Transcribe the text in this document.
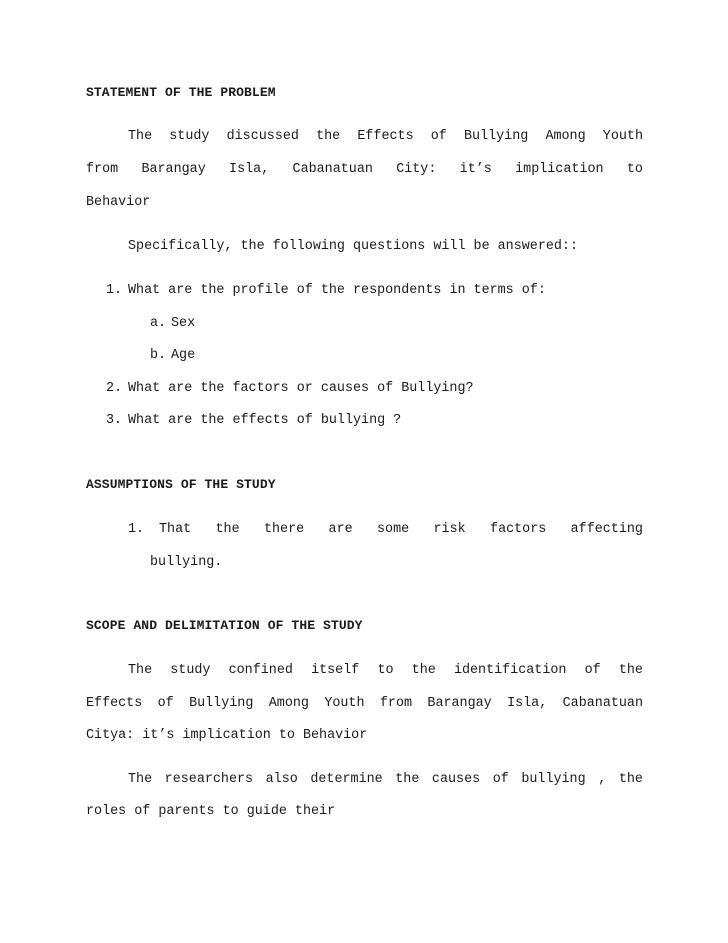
STATEMENT OF THE PROBLEM
The study discussed the Effects of Bullying Among Youth
from Barangay Isla, Cabanatuan City: it’s implication to
Behavior
Specifically, the following questions will be answered::
1. What are the profile of the respondents in terms of:
a. Sex
b. Age
2. What are the factors or causes of Bullying?
3. What are the effects of bullying ?
ASSUMPTIONS OF THE STUDY
1. That the there are some risk factors affecting
bullying.
SCOPE AND DELIMITATION OF THE STUDY
The study confined itself to the identification of the
Effects of Bullying Among Youth from Barangay Isla, Cabanatuan
Citya: it’s implication to Behavior
The researchers also determine the causes of bullying , the
roles of parents to guide their
